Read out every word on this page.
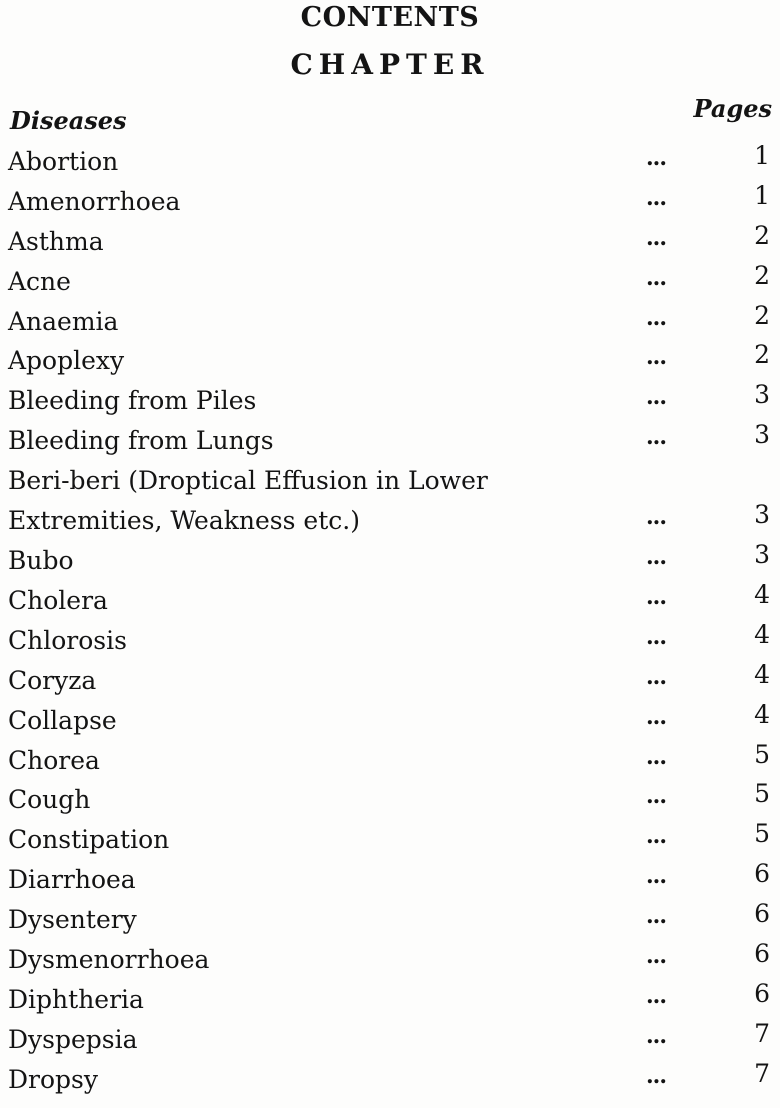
CONTENTS
CHAPTER
Diseases	Pages
Abortion	...	1
Amenorrhoea	...	1
Asthma	...	2
Acne	...	2
Anaemia	...	2
Apoplexy	...	2
Bleeding from Piles	...	3
Bleeding from Lungs	...	3
Beri-beri (Droptical Effusion in Lower
Extremities, Weakness etc.)	...	3
Bubo	...	3
Cholera	...	4
Chlorosis	...	4
Coryza	...	4
Collapse	...	4
Chorea	...	5
Cough	...	5
Constipation	...	5
Diarrhoea	...	6
Dysentery	...	6
Dysmenorrhoea	...	6
Diphtheria	...	6
Dyspepsia	...	7
Dropsy	...	7
